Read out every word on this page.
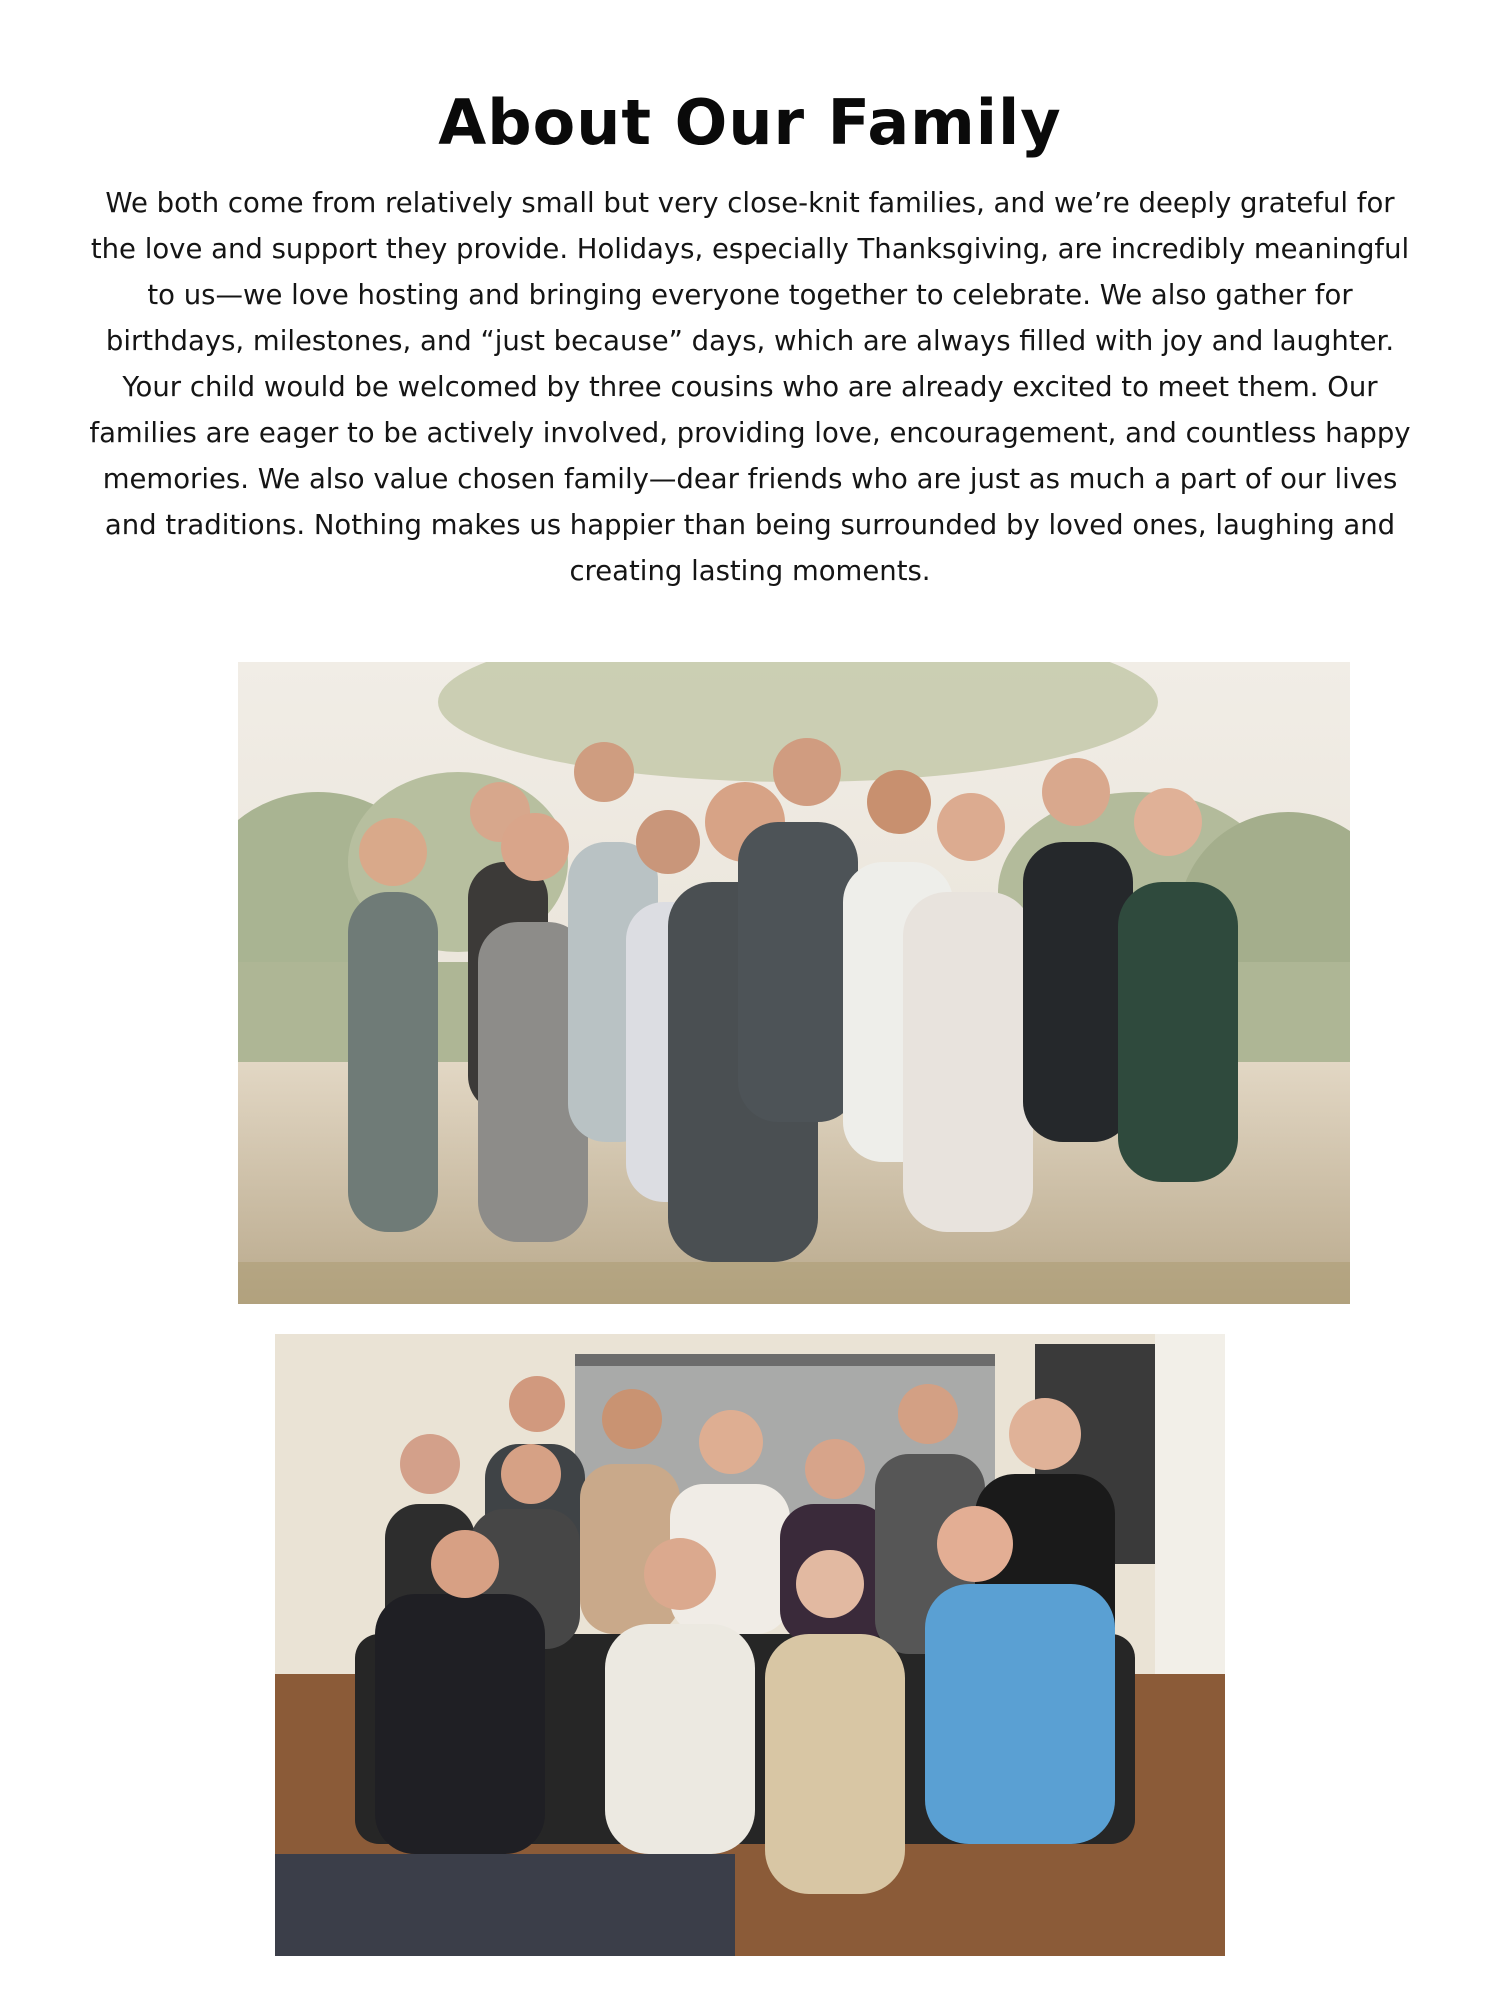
About Our Family

We both come from relatively small but very close-knit families, and we’re deeply grateful for the love and support they provide. Holidays, especially Thanksgiving, are incredibly meaningful to us—we love hosting and bringing everyone together to celebrate. We also gather for birthdays, milestones, and “just because” days, which are always filled with joy and laughter.

Your child would be welcomed by three cousins who are already excited to meet them. Our families are eager to be actively involved, providing love, encouragement, and countless happy memories. We also value chosen family—dear friends who are just as much a part of our lives and traditions. Nothing makes us happier than being surrounded by loved ones, laughing and creating lasting moments.
